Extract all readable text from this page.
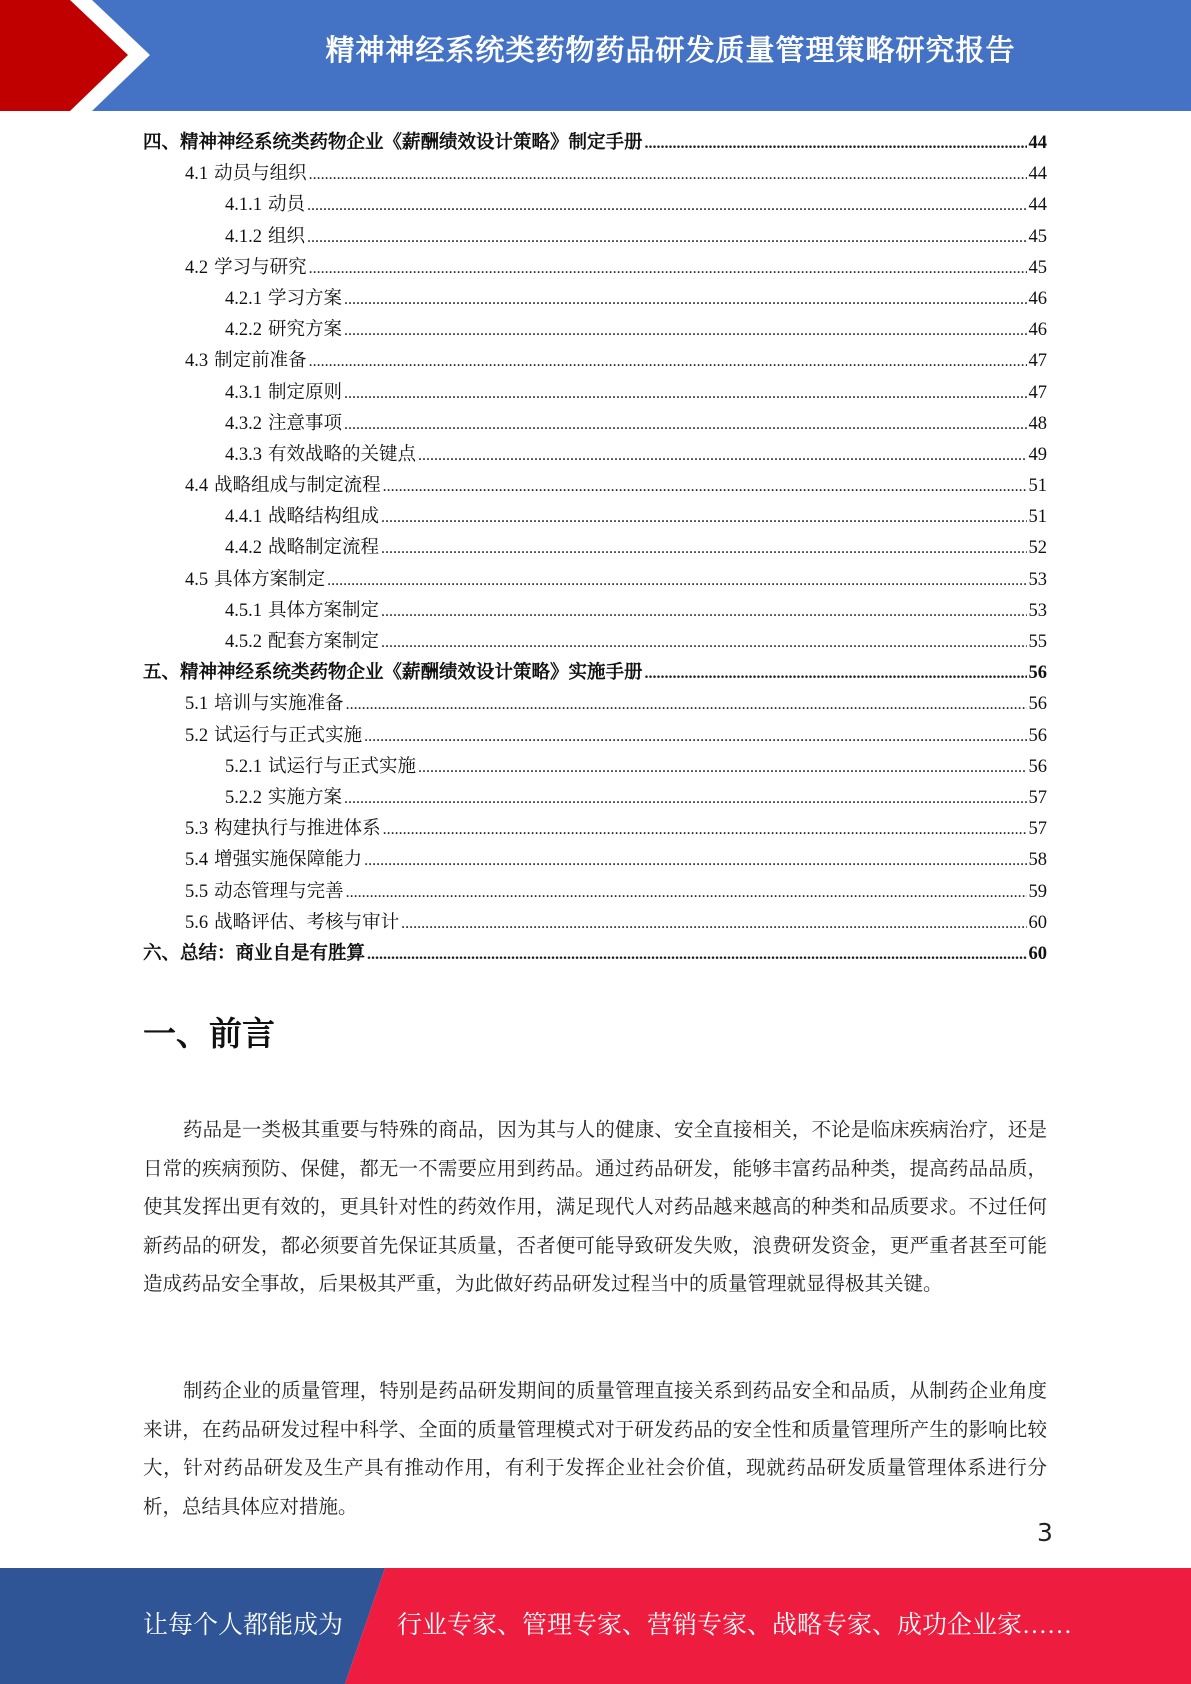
精神神经系统类药物药品研发质量管理策略研究报告
四、 精神神经系统类药物企业《薪酬绩效设计策略》制定手册 .....	44
4.1 动员与组织 .....	44
4.1.1 动员 .....	44
4.1.2 组织 .....	45
4.2 学习与研究 .....	45
4.2.1 学习方案 .....	46
4.2.2 研究方案 .....	46
4.3 制定前准备 .....	47
4.3.1 制定原则 .....	47
4.3.2 注意事项 .....	48
4.3.3 有效战略的关键点 .....	49
4.4 战略组成与制定流程 .....	51
4.4.1 战略结构组成 .....	51
4.4.2 战略制定流程 .....	52
4.5 具体方案制定 .....	53
4.5.1 具体方案制定 .....	53
4.5.2 配套方案制定 .....	55
五、 精神神经系统类药物企业《薪酬绩效设计策略》实施手册 .....	56
5.1 培训与实施准备 .....	56
5.2 试运行与正式实施 .....	56
5.2.1 试运行与正式实施 .....	56
5.2.2 实施方案 .....	57
5.3 构建执行与推进体系 .....	57
5.4 增强实施保障能力 .....	58
5.5 动态管理与完善 .....	59
5.6 战略评估、考核与审计 .....	60
六、 总结：商业自是有胜算 .....	60
一、前言

药品是一类极其重要与特殊的商品，因为其与人的健康、安全直接相关，不论是临床疾病治疗，还是日常的疾病预防、保健，都无一不需要应用到药品。通过药品研发，能够丰富药品种类，提高药品品质，使其发挥出更有效的，更具针对性的药效作用，满足现代人对药品越来越高的种类和品质要求。不过任何新药品的研发，都必须要首先保证其质量，否者便可能导致研发失败，浪费研发资金，更严重者甚至可能造成药品安全事故，后果极其严重，为此做好药品研发过程当中的质量管理就显得极其关键。

制药企业的质量管理，特别是药品研发期间的质量管理直接关系到药品安全和品质，从制药企业角度来讲，在药品研发过程中科学、全面的质量管理模式对于研发药品的安全性和质量管理所产生的影响比较大，针对药品研发及生产具有推动作用，有利于发挥企业社会价值，现就药品研发质量管理体系进行分析，总结具体应对措施。

3
让每个人都能成为 行业专家、管理专家、营销专家、战略专家、成功企业家……
